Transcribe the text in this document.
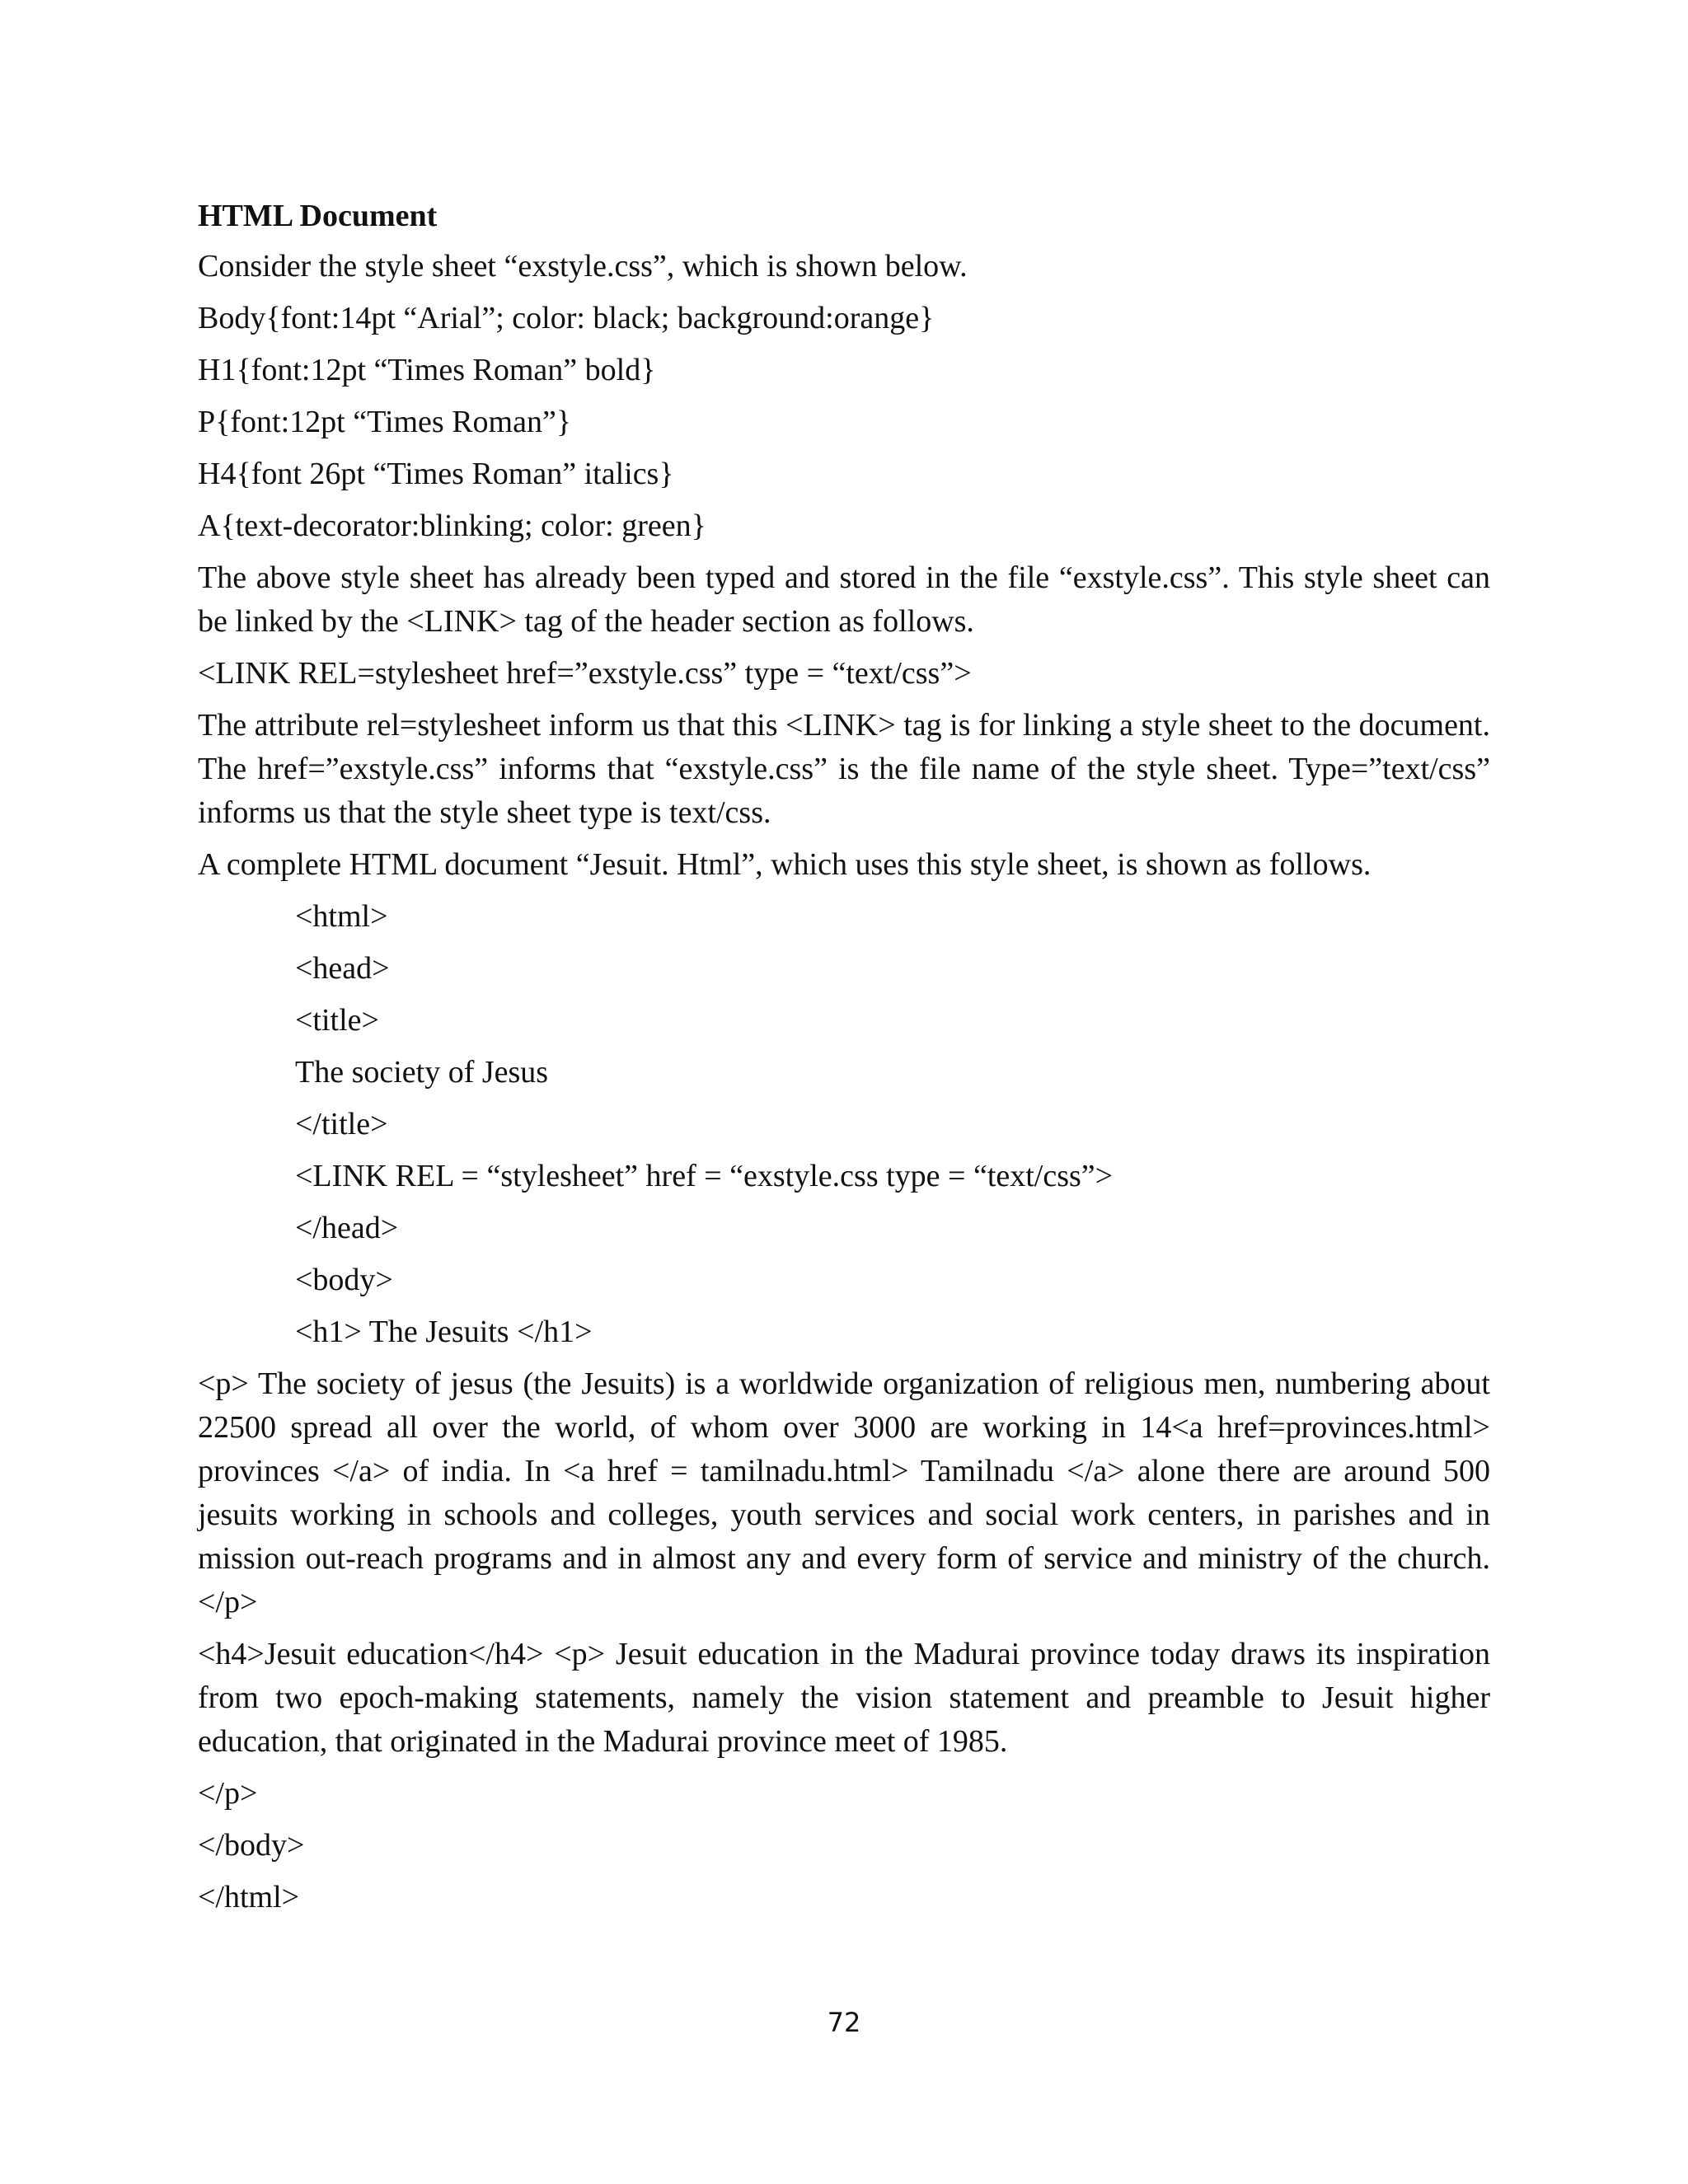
HTML Document
Consider the style sheet “exstyle.css”, which is shown below.
Body{font:14pt “Arial”; color: black; background:orange}
H1{font:12pt “Times Roman” bold}
P{font:12pt “Times Roman”}
H4{font 26pt “Times Roman” italics}
A{text-decorator:blinking; color: green}
The above style sheet has already been typed and stored in the file “exstyle.css”. This style sheet can be linked by the <LINK> tag of the header section as follows.
<LINK REL=stylesheet href=”exstyle.css” type = “text/css”>
The attribute rel=stylesheet inform us that this <LINK> tag is for linking a style sheet to the document. The href=”exstyle.css” informs that “exstyle.css” is the file name of the style sheet. Type=”text/css” informs us that the style sheet type is text/css.
A complete HTML document “Jesuit. Html”, which uses this style sheet, is shown as follows.
<html>
<head>
<title>
The society of Jesus
</title>
<LINK REL = “stylesheet” href = “exstyle.css type = “text/css”>
</head>
<body>
<h1> The Jesuits </h1>
<p> The society of jesus (the Jesuits) is a worldwide organization of religious men, numbering about 22500 spread all over the world, of whom over 3000 are working in 14<a href=provinces.html> provinces </a> of india. In <a href = tamilnadu.html> Tamilnadu </a> alone there are around 500 jesuits working in schools and colleges, youth services and social work centers, in parishes and in mission out-reach programs and in almost any and every form of service and ministry of the church.</p>
<h4>Jesuit education</h4> <p> Jesuit education in the Madurai province today draws its inspiration from two epoch-making statements, namely the vision statement and preamble to Jesuit higher education, that originated in the Madurai province meet of 1985.
</p>
</body>
</html>
72
